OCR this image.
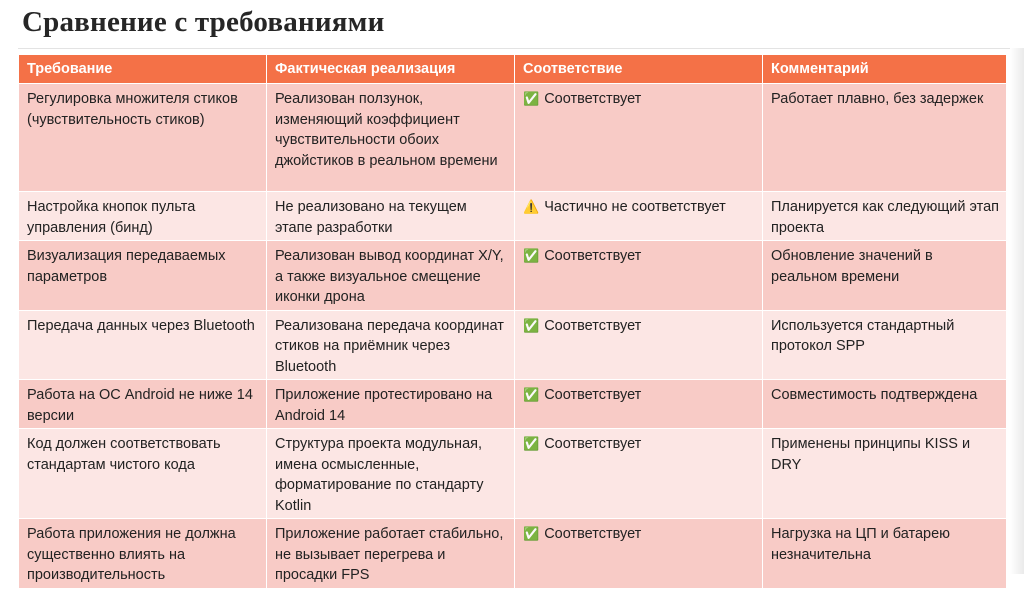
Сравнение с требованиями
Требование	Фактическая реализация	Соответствие	Комментарий
Регулировка множителя стиков (чувствительность стиков)	Реализован ползунок, изменяющий коэффициент чувствительности обоих джойстиков в реальном времени	✅ Соответствует	Работает плавно, без задержек
Настройка кнопок пульта управления (бинд)	Не реализовано на текущем этапе разработки	⚠️ Частично не соответствует	Планируется как следующий этап проекта
Визуализация передаваемых параметров	Реализован вывод координат X/Y, а также визуальное смещение иконки дрона	✅ Соответствует	Обновление значений в реальном времени
Передача данных через Bluetooth	Реализована передача координат стиков на приёмник через Bluetooth	✅ Соответствует	Используется стандартный протокол SPP
Работа на ОС Android не ниже 14 версии	Приложение протестировано на Android 14	✅ Соответствует	Совместимость подтверждена
Код должен соответствовать стандартам чистого кода	Структура проекта модульная, имена осмысленные, форматирование по стандарту Kotlin	✅ Соответствует	Применены принципы KISS и DRY
Работа приложения не должна существенно влиять на производительность	Приложение работает стабильно, не вызывает перегрева и просадки FPS	✅ Соответствует	Нагрузка на ЦП и батарею незначительна
